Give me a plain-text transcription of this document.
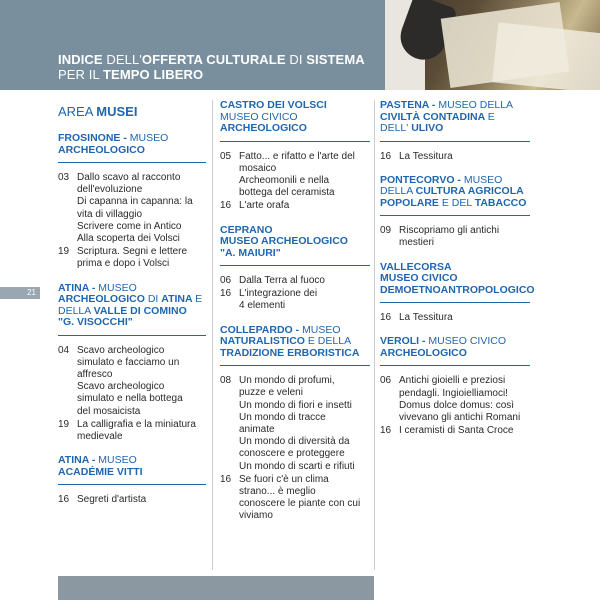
INDICE DELL'OFFERTA CULTURALE DI SISTEMA
PER IL TEMPO LIBERO
21
AREA MUSEI
FROSINONE - MUSEO
ARCHEOLOGICO
03 Dallo scavo al racconto
dell'evoluzione
Di capanna in capanna: la
vita di villaggio
Scrivere come in Antico
Alla scoperta dei Volsci
19 Scriptura. Segni e lettere
prima e dopo i Volsci
ATINA - MUSEO
ARCHEOLOGICO DI ATINA E
DELLA VALLE DI COMINO
"G. VISOCCHI"
04 Scavo archeologico
simulato e facciamo un
affresco
Scavo archeologico
simulato e nella bottega
del mosaicista
19 La calligrafia e la miniatura
medievale
ATINA - MUSEO
ACADÉMIE VITTI
16 Segreti d'artista
CASTRO DEI VOLSCI
MUSEO CIVICO
ARCHEOLOGICO
05 Fatto... e rifatto e l'arte del
mosaico
Archeomonili e nella
bottega del ceramista
16 L'arte orafa
CEPRANO
MUSEO ARCHEOLOGICO
"A. MAIURI"
06 Dalla Terra al fuoco
16 L'integrazione dei
4 elementi
COLLEPARDO - MUSEO
NATURALISTICO E DELLA
TRADIZIONE ERBORISTICA
08 Un mondo di profumi,
puzze e veleni
Un mondo di fiori e insetti
Un mondo di tracce
animate
Un mondo di diversità da
conoscere e proteggere
Un mondo di scarti e rifiuti
16 Se fuori c'è un clima
strano... è meglio
conoscere le piante con cui
viviamo
PASTENA - MUSEO DELLA
CIVILTÀ CONTADINA E
DELL' ULIVO
16 La Tessitura
PONTECORVO - MUSEO
DELLA CULTURA AGRICOLA
POPOLARE E DEL TABACCO
09 Riscopriamo gli antichi
mestieri
VALLECORSA
MUSEO CIVICO
DEMOETNOANTROPOLOGICO
16 La Tessitura
VEROLI - MUSEO CIVICO
ARCHEOLOGICO
06 Antichi gioielli e preziosi
pendagli. Ingioielliamoci!
Domus dolce domus: così
vivevano gli antichi Romani
16 I ceramisti di Santa Croce
